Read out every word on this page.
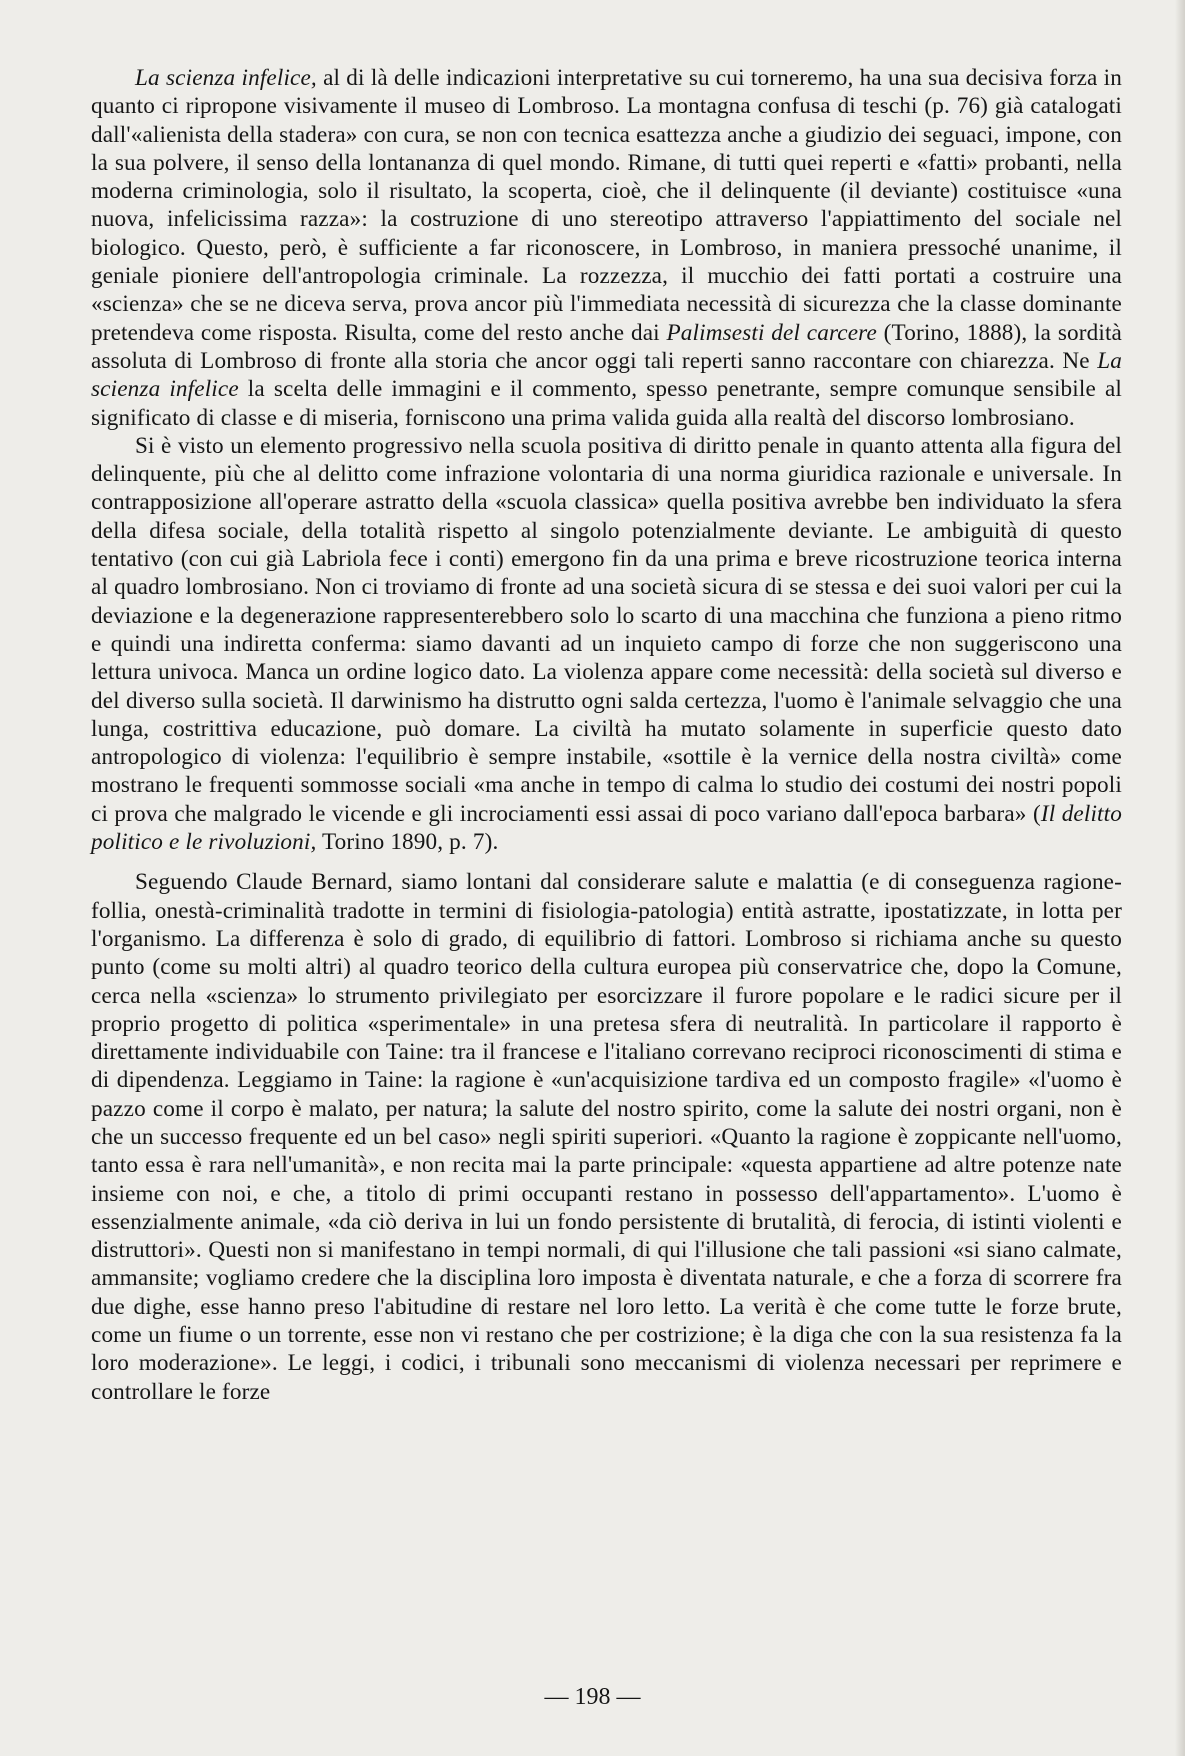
La scienza infelice, al di là delle indicazioni interpretative su cui torneremo, ha una sua decisiva forza in quanto ci ripropone visivamente il museo di Lombroso. La montagna confusa di teschi (p. 76) già catalogati dall'«alienista della stadera» con cura, se non con tecnica esattezza anche a giudizio dei seguaci, impone, con la sua polvere, il senso della lontananza di quel mondo. Rimane, di tutti quei reperti e «fatti» probanti, nella moderna criminologia, solo il risultato, la scoperta, cioè, che il delinquente (il deviante) costituisce «una nuova, infelicissima razza»: la costruzione di uno stereotipo attraverso l'appiattimento del sociale nel biologico. Questo, però, è sufficiente a far riconoscere, in Lombroso, in maniera pressoché unanime, il geniale pioniere dell'antropologia criminale. La rozzezza, il mucchio dei fatti portati a costruire una «scienza» che se ne diceva serva, prova ancor più l'immediata necessità di sicurezza che la classe dominante pretendeva come risposta. Risulta, come del resto anche dai Palimsesti del carcere (Torino, 1888), la sordità assoluta di Lombroso di fronte alla storia che ancor oggi tali reperti sanno raccontare con chiarezza. Ne La scienza infelice la scelta delle immagini e il commento, spesso penetrante, sempre comunque sensibile al significato di classe e di miseria, forniscono una prima valida guida alla realtà del discorso lombrosiano.

Si è visto un elemento progressivo nella scuola positiva di diritto penale in quanto attenta alla figura del delinquente, più che al delitto come infrazione volontaria di una norma giuridica razionale e universale. In contrapposizione all'operare astratto della «scuola classica» quella positiva avrebbe ben individuato la sfera della difesa sociale, della totalità rispetto al singolo potenzialmente deviante. Le ambiguità di questo tentativo (con cui già Labriola fece i conti) emergono fin da una prima e breve ricostruzione teorica interna al quadro lombrosiano. Non ci troviamo di fronte ad una società sicura di se stessa e dei suoi valori per cui la deviazione e la degenerazione rappresenterebbero solo lo scarto di una macchina che funziona a pieno ritmo e quindi una indiretta conferma: siamo davanti ad un inquieto campo di forze che non suggeriscono una lettura univoca. Manca un ordine logico dato. La violenza appare come necessità: della società sul diverso e del diverso sulla società. Il darwinismo ha distrutto ogni salda certezza, l'uomo è l'animale selvaggio che una lunga, costrittiva educazione, può domare. La civiltà ha mutato solamente in superficie questo dato antropologico di violenza: l'equilibrio è sempre instabile, «sottile è la vernice della nostra civiltà» come mostrano le frequenti sommosse sociali «ma anche in tempo di calma lo studio dei costumi dei nostri popoli ci prova che malgrado le vicende e gli incrociamenti essi assai di poco variano dall'epoca barbara» (Il delitto politico e le rivoluzioni, Torino 1890, p. 7).

Seguendo Claude Bernard, siamo lontani dal considerare salute e malattia (e di conseguenza ragione-follia, onestà-criminalità tradotte in termini di fisiologia-patologia) entità astratte, ipostatizzate, in lotta per l'organismo. La differenza è solo di grado, di equilibrio di fattori. Lombroso si richiama anche su questo punto (come su molti altri) al quadro teorico della cultura europea più conservatrice che, dopo la Comune, cerca nella «scienza» lo strumento privilegiato per esorcizzare il furore popolare e le radici sicure per il proprio progetto di politica «sperimentale» in una pretesa sfera di neutralità. In particolare il rapporto è direttamente individuabile con Taine: tra il francese e l'italiano correvano reciproci riconoscimenti di stima e di dipendenza. Leggiamo in Taine: la ragione è «un'acquisizione tardiva ed un composto fragile» «l'uomo è pazzo come il corpo è malato, per natura; la salute del nostro spirito, come la salute dei nostri organi, non è che un successo frequente ed un bel caso» negli spiriti superiori. «Quanto la ragione è zoppicante nell'uomo, tanto essa è rara nell'umanità», e non recita mai la parte principale: «questa appartiene ad altre potenze nate insieme con noi, e che, a titolo di primi occupanti restano in possesso dell'appartamento». L'uomo è essenzialmente animale, «da ciò deriva in lui un fondo persistente di brutalità, di ferocia, di istinti violenti e distruttori». Questi non si manifestano in tempi normali, di qui l'illusione che tali passioni «si siano calmate, ammansite; vogliamo credere che la disciplina loro imposta è diventata naturale, e che a forza di scorrere fra due dighe, esse hanno preso l'abitudine di restare nel loro letto. La verità è che come tutte le forze brute, come un fiume o un torrente, esse non vi restano che per costrizione; è la diga che con la sua resistenza fa la loro moderazione». Le leggi, i codici, i tribunali sono meccanismi di violenza necessari per reprimere e controllare le forze

— 198 —
